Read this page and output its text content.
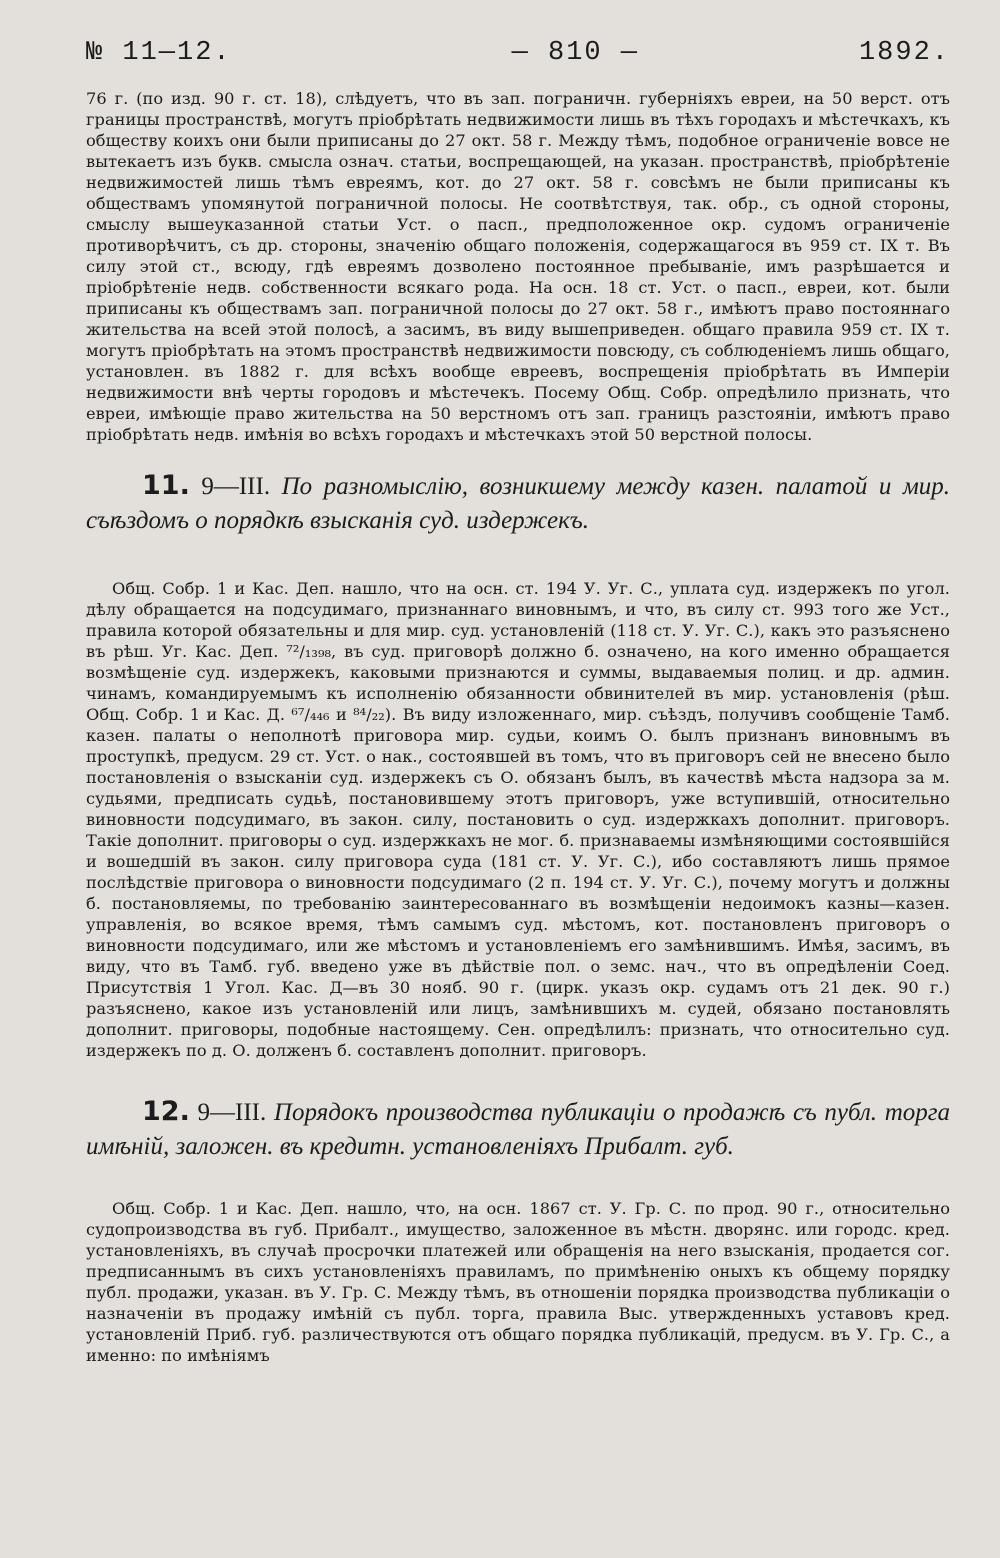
№ 11—12.	— 810 —	1892.

76 г. (по изд. 90 г. ст. 18), слѣдуетъ, что въ зап. пограничн. губерніяхъ евреи, на 50 верст. отъ границы пространствѣ, могутъ пріобрѣтать недвижимости лишь въ тѣхъ городахъ и мѣстечкахъ, къ обществу коихъ они были приписаны до 27 окт. 58 г. Между тѣмъ, подобное ограниченіе вовсе не вытекаетъ изъ букв. смысла означ. статьи, воспрещающей, на указан. пространствѣ, пріобрѣтеніе недвижимостей лишь тѣмъ евреямъ, кот. до 27 окт. 58 г. совсѣмъ не были приписаны къ обществамъ упомянутой пограничной полосы. Не соотвѣтствуя, так. обр., съ одной стороны, смыслу вышеуказанной статьи Уст. о пасп., предположенное окр. судомъ ограниченіе противорѣчитъ, съ др. стороны, значенію общаго положенія, содержащагося въ 959 ст. IX т. Въ силу этой ст., всюду, гдѣ евреямъ дозволено постоянное пребываніе, имъ разрѣшается и пріобрѣтеніе недв. собственности всякаго рода. На осн. 18 ст. Уст. о пасп., евреи, кот. были приписаны къ обществамъ зап. пограничной полосы до 27 окт. 58 г., имѣютъ право постояннаго жительства на всей этой полосѣ, а засимъ, въ виду вышеприведен. общаго правила 959 ст. IX т. могутъ пріобрѣтать на этомъ пространствѣ недвижимости повсюду, съ соблюденіемъ лишь общаго, установлен. въ 1882 г. для всѣхъ вообще евреевъ, воспрещенія пріобрѣтать въ Имперіи недвижимости внѣ черты городовъ и мѣстечекъ. Посему Общ. Собр. опредѣлило признать, что евреи, имѣющіе право жительства на 50 верстномъ отъ зап. границъ разстояніи, имѣютъ право пріобрѣтать недв. имѣнія во всѣхъ городахъ и мѣстечкахъ этой 50 верстной полосы.

11. 9—III. По разномыслію, возникшему между казен. палатой и мир. съѣздомъ о порядкѣ взысканія суд. издержекъ.

Общ. Собр. 1 и Кас. Деп. нашло, что на осн. ст. 194 У. Уг. С., уплата суд. издержекъ по угол. дѣлу обращается на подсудимаго, признаннаго виновнымъ, и что, въ силу ст. 993 того же Уст., правила которой обязательны и для мир. суд. установленій (118 ст. У. Уг. С.), какъ это разъяснено въ рѣш. Уг. Кас. Деп. ⁷²/₁₃₉₈, въ суд. приговорѣ должно б. означено, на кого именно обращается возмѣщеніе суд. издержекъ, каковыми признаются и суммы, выдаваемыя полиц. и др. админ. чинамъ, командируемымъ къ исполненію обязанности обвинителей въ мир. установленія (рѣш. Общ. Собр. 1 и Кас. Д. ⁶⁷/₄₄₆ и ⁸⁴/₂₂). Въ виду изложеннаго, мир. съѣздъ, получивъ сообщеніе Тамб. казен. палаты о неполнотѣ приговора мир. судьи, коимъ О. былъ признанъ виновнымъ въ проступкѣ, предусм. 29 ст. Уст. о нак., состоявшей въ томъ, что въ приговоръ сей не внесено было постановленія о взысканіи суд. издержекъ съ О. обязанъ былъ, въ качествѣ мѣста надзора за м. судьями, предписать судьѣ, постановившему этотъ приговоръ, уже вступившій, относительно виновности подсудимаго, въ закон. силу, постановить о суд. издержкахъ дополнит. приговоръ. Такіе дополнит. приговоры о суд. издержкахъ не мог. б. признаваемы измѣняющими состоявшійся и вошедшій въ закон. силу приговора суда (181 ст. У. Уг. С.), ибо составляютъ лишь прямое послѣдствіе приговора о виновности подсудимаго (2 п. 194 ст. У. Уг. С.), почему могутъ и должны б. постановляемы, по требованію заинтересованнаго въ возмѣщеніи недоимокъ казны—казен. управленія, во всякое время, тѣмъ самымъ суд. мѣстомъ, кот. постановленъ приговоръ о виновности подсудимаго, или же мѣстомъ и установленіемъ его замѣнившимъ. Имѣя, засимъ, въ виду, что въ Тамб. губ. введено уже въ дѣйствіе пол. о земс. нач., что въ опредѣленіи Соед. Присутствія 1 Угол. Кас. Д—въ 30 нояб. 90 г. (цирк. указъ окр. судамъ отъ 21 дек. 90 г.) разъяснено, какое изъ установленій или лицъ, замѣнившихъ м. судей, обязано постановлять дополнит. приговоры, подобные настоящему. Сен. опредѣлилъ: признать, что относительно суд. издержекъ по д. О. долженъ б. составленъ дополнит. приговоръ.

12. 9—III. Порядокъ производства публикаціи о продажѣ съ публ. торга имѣній, заложен. въ кредитн. установленіяхъ Прибалт. губ.

Общ. Собр. 1 и Кас. Деп. нашло, что, на осн. 1867 ст. У. Гр. С. по прод. 90 г., относительно судопроизводства въ губ. Прибалт., имущество, заложенное въ мѣстн. дворянс. или городс. кред. установленіяхъ, въ случаѣ просрочки платежей или обращенія на него взысканія, продается сог. предписаннымъ въ сихъ установленіяхъ правиламъ, по примѣненію оныхъ къ общему порядку публ. продажи, указан. въ У. Гр. С. Между тѣмъ, въ отношеніи порядка производства публикаціи о назначеніи въ продажу имѣній съ публ. торга, правила Выс. утвержденныхъ уставовъ кред. установленій Приб. губ. различествуются отъ общаго порядка публикацій, предусм. въ У. Гр. С., а именно: по имѣніямъ
